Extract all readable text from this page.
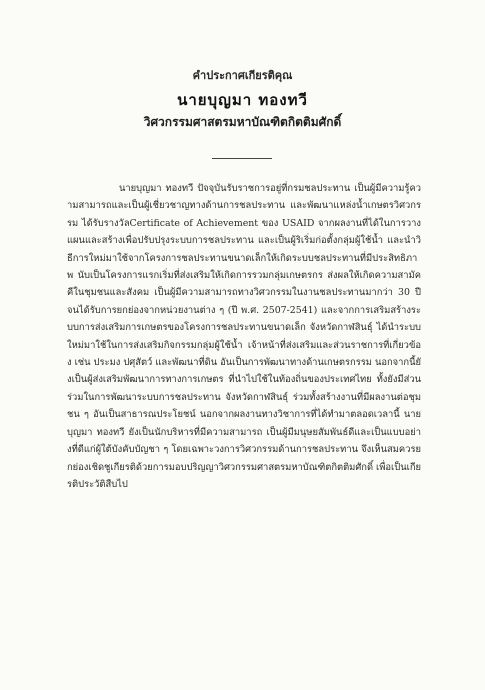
คำประกาศเกียรติคุณ

นายบุญมา ทองทวี

วิศวกรรมศาสตรมหาบัณฑิตกิตติมศักดิ์

นายบุญมา ทองทวี ปัจจุบันรับราชการอยู่ที่กรมชลประทาน เป็นผู้มีความรู้ความสามารถและเป็นผู้เชี่ยวชาญทางด้านการชลประทาน และพัฒนาแหล่งน้ำเกษตรวิศวกรรม ได้รับรางวัลCertificate of Achievement ของ USAID จากผลงานที่ได้ในการวางแผนและสร้างเพื่อปรับปรุงระบบการชลประทาน และเป็นผู้ริเริ่มก่อตั้งกลุ่มผู้ใช้น้ำ และนำวิธีการใหม่มาใช้จากโครงการชลประทานขนาดเล็กให้เกิดระบบชลประทานที่มีประสิทธิภาพ นับเป็นโครงการแรกเริ่มที่ส่งเสริมให้เกิดการรวมกลุ่มเกษตรกร ส่งผลให้เกิดความสามัคคีในชุมชนและสังคม เป็นผู้มีความสามารถทางวิศวกรรมในงานชลประทานมากว่า 30 ปี จนได้รับการยกย่องจากหน่วยงานต่าง ๆ (ปี พ.ศ. 2507-2541) และจากการเสริมสร้างระบบการส่งเสริมการเกษตรของโครงการชลประทานขนาดเล็ก จังหวัดกาฬสินธุ์ ได้นำระบบใหม่มาใช้ในการส่งเสริมกิจกรรมกลุ่มผู้ใช้น้ำ เจ้าหน้าที่ส่งเสริมและส่วนราชการที่เกี่ยวข้อง เช่น ประมง ปศุสัตว์ และพัฒนาที่ดิน อันเป็นการพัฒนาทางด้านเกษตรกรรม นอกจากนี้ยังเป็นผู้ส่งเสริมพัฒนาการทางการเกษตร ที่นำไปใช้ในท้องถิ่นของประเทศไทย ทั้งยังมีส่วนร่วมในการพัฒนาระบบการชลประทาน จังหวัดกาฬสินธุ์ ร่วมทั้งสร้างงานที่มีผลงานต่อชุมชน ๆ อันเป็นสาธารณประโยชน์ นอกจากผลงานทางวิชาการที่ได้ทำมาตลอดเวลานี้ นายบุญมา ทองทวี ยังเป็นนักบริหารที่มีความสามารถ เป็นผู้มีมนุษยสัมพันธ์ดีและเป็นแบบอย่างที่ดีแก่ผู้ใต้บังคับบัญชา ๆ โดยเฉพาะวงการวิศวกรรมด้านการชลประทาน จึงเห็นสมควรยกย่องเชิดชูเกียรติด้วยการมอบปริญญาวิศวกรรมศาสตรมหาบัณฑิตกิตติมศักดิ์ เพื่อเป็นเกียรติประวัติสืบไป
